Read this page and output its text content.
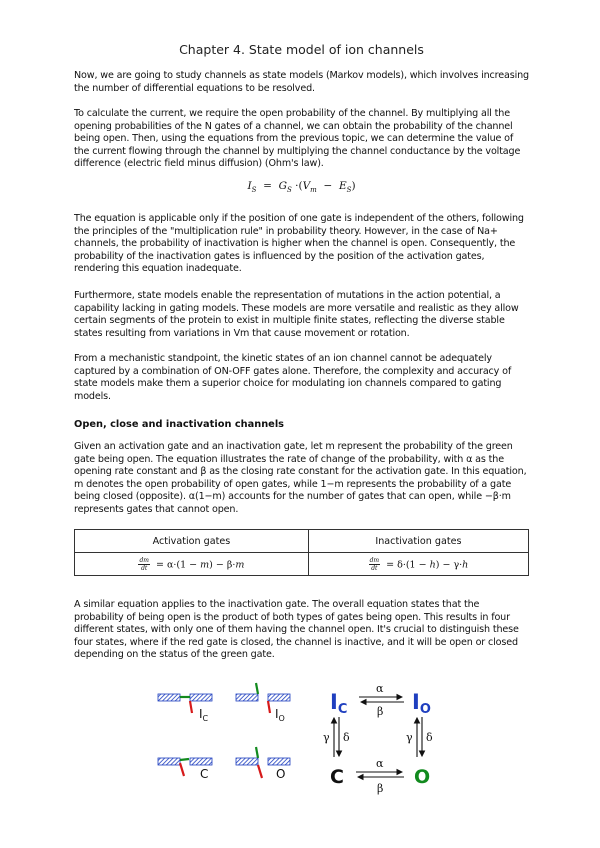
Chapter 4. State model of ion channels

Now, we are going to study channels as state models (Markov models), which involves increasing the number of differential equations to be resolved.

To calculate the current, we require the open probability of the channel. By multiplying all the opening probabilities of the N gates of a channel, we can obtain the probability of the channel being open. Then, using the equations from the previous topic, we can determine the value of the current flowing through the channel by multiplying the channel conductance by the voltage difference (electric field minus diffusion) (Ohm's law).

$I_S = G_S \cdot(V_m - E_S)$

The equation is applicable only if the position of one gate is independent of the others, following the principles of the "multiplication rule" in probability theory. However, in the case of Na+ channels, the probability of inactivation is higher when the channel is open. Consequently, the probability of the inactivation gates is influenced by the position of the activation gates, rendering this equation inadequate.

Furthermore, state models enable the representation of mutations in the action potential, a capability lacking in gating models. These models are more versatile and realistic as they allow certain segments of the protein to exist in multiple finite states, reflecting the diverse stable states resulting from variations in Vm that cause movement or rotation.

From a mechanistic standpoint, the kinetic states of an ion channel cannot be adequately captured by a combination of ON-OFF gates alone. Therefore, the complexity and accuracy of state models make them a superior choice for modulating ion channels compared to gating models.

Open, close and inactivation channels

Given an activation gate and an inactivation gate, let m represent the probability of the green gate being open. The equation illustrates the rate of change of the probability, with α as the opening rate constant and β as the closing rate constant for the activation gate. In this equation, m denotes the open probability of open gates, while 1−m represents the probability of a gate being closed (opposite). α(1−m) accounts for the number of gates that can open, while −β·m represents gates that cannot open.

Activation gates	Inactivation gates

$\frac{dm}{dt} = \alpha\cdot(1 - m) - \beta\cdot m$	$\frac{dm}{dt} = \delta\cdot(1 - h) - \gamma\cdot h$

A similar equation applies to the inactivation gate. The overall equation states that the probability of being open is the product of both types of gates being open. This results in four different states, with only one of them having the channel open. It's crucial to distinguish these four states, where if the red gate is closed, the channel is inactive, and it will be open or closed depending on the status of the green gate.

$I_C$	$I_O$
C	O
IC	IO
C	O
α
β
α
β
γ δ	γ δ
